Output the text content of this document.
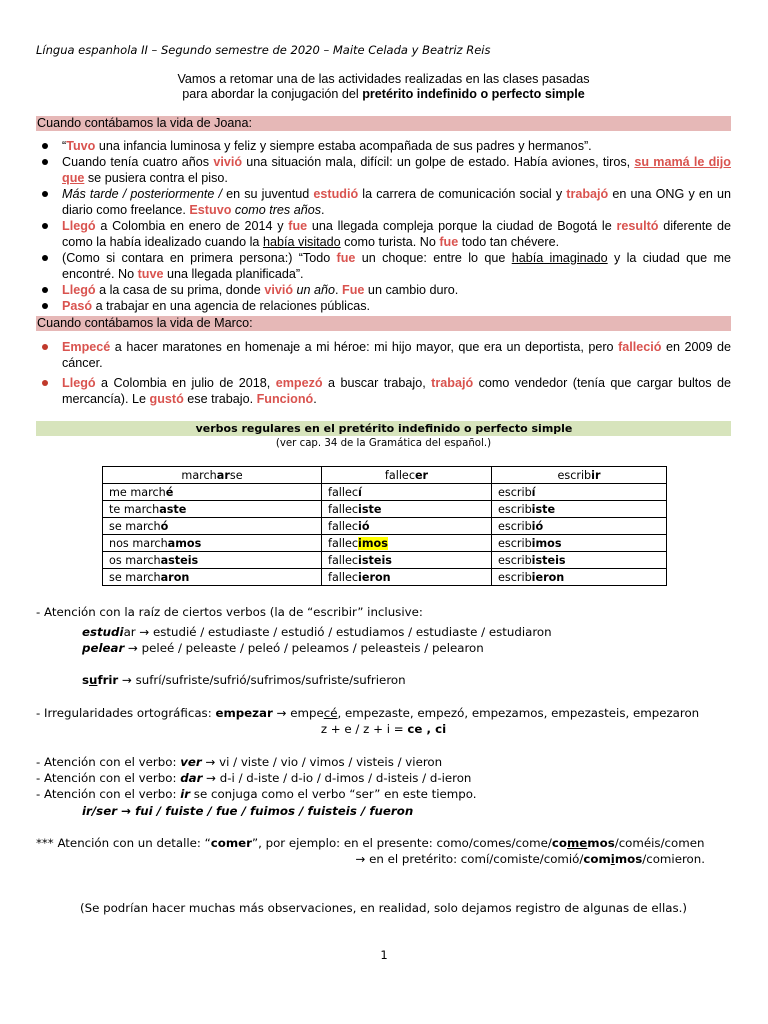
Língua espanhola II – Segundo semestre de 2020 – Maite Celada y Beatriz Reis
Vamos a retomar una de las actividades realizadas en las clases pasadas
para abordar la conjugación del pretérito indefinido o perfecto simple
Cuando contábamos la vida de Joana:
“Tuvo una infancia luminosa y feliz y siempre estaba acompañada de sus padres y hermanos”.
Cuando tenía cuatro años vivió una situación mala, difícil: un golpe de estado. Había aviones, tiros, su mamá le dijo que se pusiera contra el piso.
Más tarde / posteriormente / en su juventud estudió la carrera de comunicación social y trabajó en una ONG y en un diario como freelance. Estuvo como tres años.
Llegó a Colombia en enero de 2014 y fue una llegada compleja porque la ciudad de Bogotá le resultó diferente de como la había idealizado cuando la había visitado como turista. No fue todo tan chévere.
(Como si contara en primera persona:) “Todo fue un choque: entre lo que había imaginado y la ciudad que me encontré. No tuve una llegada planificada”.
Llegó a la casa de su prima, donde vivió un año. Fue un cambio duro.
Pasó a trabajar en una agencia de relaciones públicas.
Cuando contábamos la vida de Marco:
Empecé a hacer maratones en homenaje a mi héroe: mi hijo mayor, que era un deportista, pero falleció en 2009 de cáncer.
Llegó a Colombia en julio de 2018, empezó a buscar trabajo, trabajó como vendedor (tenía que cargar bultos de mercancía). Le gustó ese trabajo. Funcionó.
verbos regulares en el pretérito indefinido o perfecto simple
(ver cap. 34 de la Gramática del español.)
marcharse	fallecer	escribir
me marché	fallecí	escribí
te marchaste	falleciste	escribiste
se marchó	falleció	escribió
nos marchamos	fallecimos	escribimos
os marchasteis	fallecisteis	escribisteis
se marcharon	fallecieron	escribieron
- Atención con la raíz de ciertos verbos (la de “escribir” inclusive:
estudiar → estudié / estudiaste / estudió / estudiamos / estudiaste / estudiaron
pelear → peleé / peleaste / peleó / peleamos / peleasteis / pelearon
sufrir → sufrí/sufriste/sufrió/sufrimos/sufriste/sufrieron
- Irregularidades ortográficas: empezar → empecé, empezaste, empezó, empezamos, empezasteis, empezaron
z + e / z + i = ce , ci
- Atención con el verbo: ver → vi / viste / vio / vimos / visteis / vieron
- Atención con el verbo: dar → d-i / d-iste / d-io / d-imos / d-isteis / d-ieron
- Atención con el verbo: ir se conjuga como el verbo “ser” en este tiempo.
ir/ser → fui / fuiste / fue / fuimos / fuisteis / fueron
*** Atención con un detalle: “comer”, por ejemplo: en el presente: como/comes/come/comemos/coméis/comen
→ en el pretérito: comí/comiste/comió/comimos/comieron.
(Se podrían hacer muchas más observaciones, en realidad, solo dejamos registro de algunas de ellas.)
1
